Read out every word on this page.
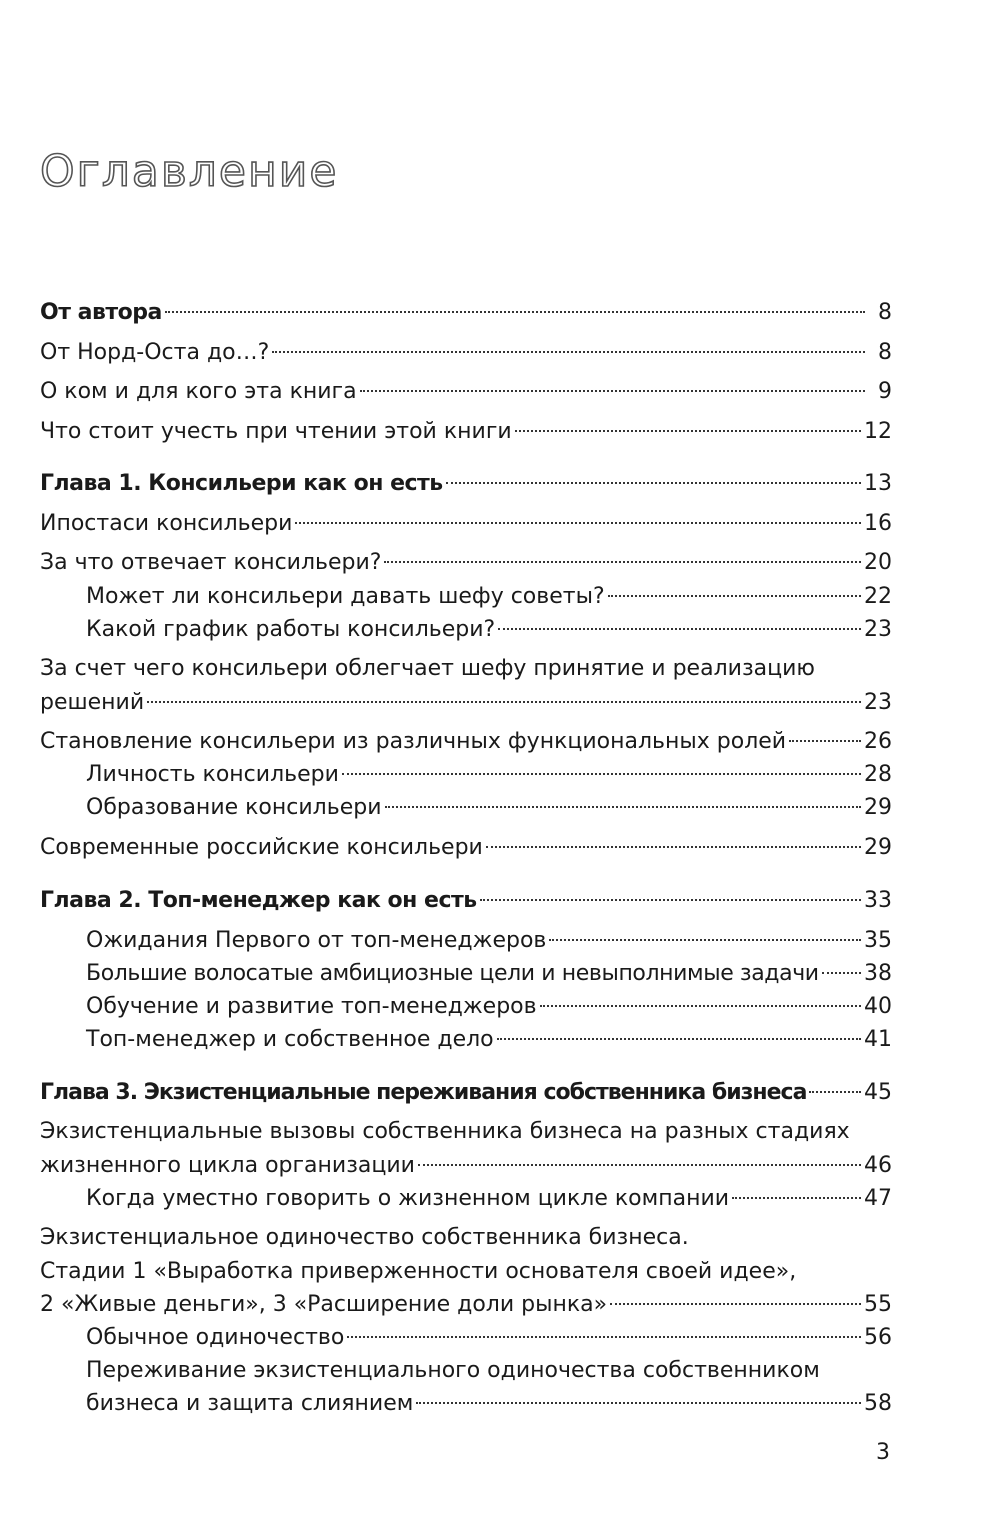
Оглавление
От автора	8
От Норд-Оста до…?	8
О ком и для кого эта книга	9
Что стоит учесть при чтении этой книги	12
Глава 1. Консильери как он есть	13
Ипостаси консильери	16
За что отвечает консильери?	20
Может ли консильери давать шефу советы?	22
Какой график работы консильери?	23
За счет чего консильери облегчает шефу принятие и реализацию
решений	23
Становление консильери из различных функциональных ролей	26
Личность консильери	28
Образование консильери	29
Современные российские консильери	29
Глава 2. Топ-менеджер как он есть	33
Ожидания Первого от топ-менеджеров	35
Большие волосатые амбициозные цели и невыполнимые задачи 38
Обучение и развитие топ-менеджеров	40
Топ-менеджер и собственное дело	41
Глава 3. Экзистенциальные переживания собственника бизнеса	45
Экзистенциальные вызовы собственника бизнеса на разных стадиях
жизненного цикла организации	46
Когда уместно говорить о жизненном цикле компании	47
Экзистенциальное одиночество собственника бизнеса.
Стадии 1 «Выработка приверженности основателя своей идее»,
2 «Живые деньги», 3 «Расширение доли рынка»	55
Обычное одиночество	56
Переживание экзистенциального одиночества собственником
бизнеса и защита слиянием	58
3
